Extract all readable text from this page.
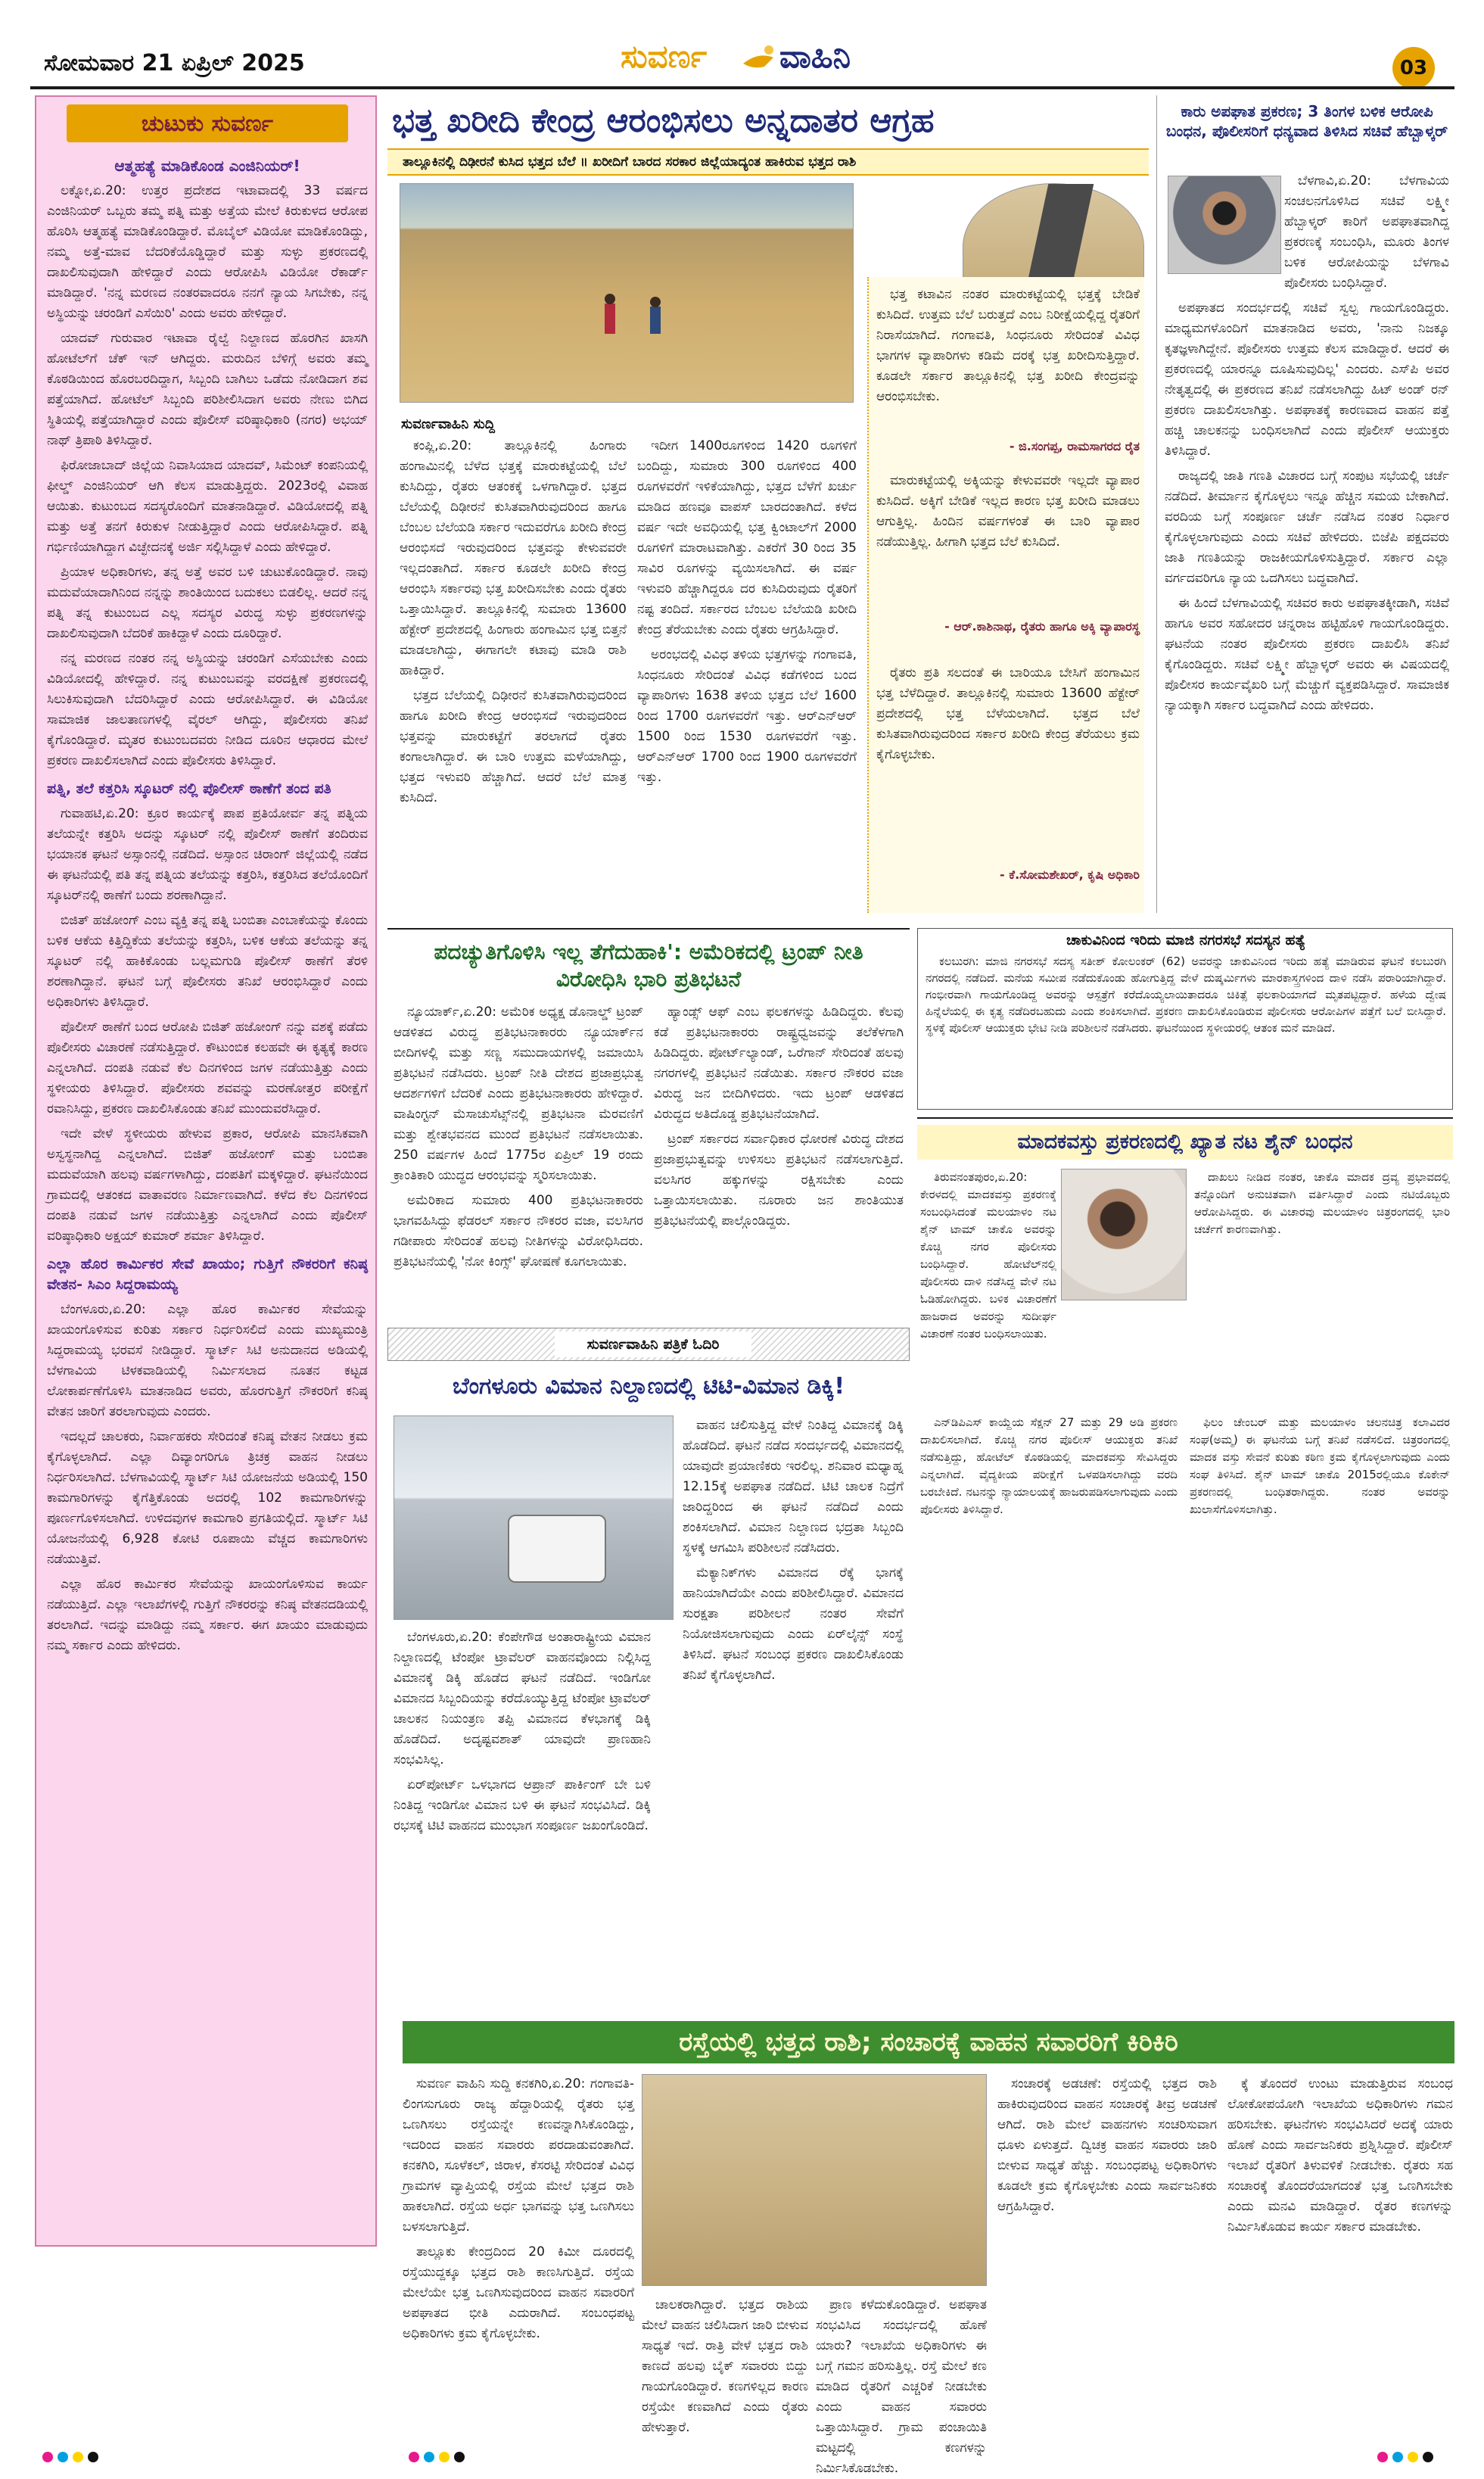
ಸೋಮವಾರ 21 ಏಪ್ರಿಲ್ 2025	ಸುವರ್ಣ ವಾಹಿನಿ	03
ಚುಟುಕು ಸುವರ್ಣ
ಆತ್ಮಹತ್ಯೆ ಮಾಡಿಕೊಂಡ ಎಂಜಿನಿಯರ್!

ಲಕ್ನೋ,ಏ.20: ಉತ್ತರ ಪ್ರದೇಶದ ಇಟಾವಾದಲ್ಲಿ 33 ವರ್ಷದ ಎಂಜಿನಿಯರ್ ಒಬ್ಬರು ತಮ್ಮ ಪತ್ನಿ ಮತ್ತು ಅತ್ತೆಯ ಮೇಲೆ ಕಿರುಕುಳದ ಆರೋಪ ಹೊರಿಸಿ ಆತ್ಮಹತ್ಯೆ ಮಾಡಿಕೊಂಡಿದ್ದಾರೆ. ಮೊಬೈಲ್ ವಿಡಿಯೋ ಮಾಡಿಕೊಂಡಿದ್ದು, ನಮ್ಮ ಅತ್ತೆ-ಮಾವ ಬೆದರಿಕೆಯೊಡ್ಡಿದ್ದಾರೆ ಮತ್ತು ಸುಳ್ಳು ಪ್ರಕರಣದಲ್ಲಿ ದಾಖಲಿಸುವುದಾಗಿ ಹೇಳಿದ್ದಾರೆ ಎಂದು ಆರೋಪಿಸಿ ವಿಡಿಯೋ ರೆಕಾರ್ಡ್ ಮಾಡಿದ್ದಾರೆ. 'ನನ್ನ ಮರಣದ ನಂತರವಾದರೂ ನನಗೆ ನ್ಯಾಯ ಸಿಗಬೇಕು, ನನ್ನ ಅಸ್ಥಿಯನ್ನು ಚರಂಡಿಗೆ ಎಸೆಯಿರಿ' ಎಂದು ಅವರು ಹೇಳಿದ್ದಾರೆ.

ಯಾದವ್ ಗುರುವಾರ ಇಟಾವಾ ರೈಲ್ವೆ ನಿಲ್ದಾಣದ ಹೊರಗಿನ ಖಾಸಗಿ ಹೋಟೆಲ್‌ಗೆ ಚೆಕ್ ಇನ್ ಆಗಿದ್ದರು. ಮರುದಿನ ಬೆಳಿಗ್ಗೆ ಅವರು ತಮ್ಮ ಕೊಠಡಿಯಿಂದ ಹೊರಬರದಿದ್ದಾಗ, ಸಿಬ್ಬಂದಿ ಬಾಗಿಲು ಒಡೆದು ನೋಡಿದಾಗ ಶವ ಪತ್ತೆಯಾಗಿದೆ. ಹೋಟೆಲ್ ಸಿಬ್ಬಂದಿ ಪರಿಶೀಲಿಸಿದಾಗ ಅವರು ನೇಣು ಬಿಗಿದ ಸ್ಥಿತಿಯಲ್ಲಿ ಪತ್ತೆಯಾಗಿದ್ದಾರೆ ಎಂದು ಪೊಲೀಸ್ ವರಿಷ್ಠಾಧಿಕಾರಿ (ನಗರ) ಅಭಯ್ ನಾಥ್ ತ್ರಿಪಾಠಿ ತಿಳಿಸಿದ್ದಾರೆ.

ಫಿರೋಜಾಬಾದ್ ಜಿಲ್ಲೆಯ ನಿವಾಸಿಯಾದ ಯಾದವ್, ಸಿಮೆಂಟ್ ಕಂಪನಿಯಲ್ಲಿ ಫೀಲ್ಡ್ ಎಂಜಿನಿಯರ್ ಆಗಿ ಕೆಲಸ ಮಾಡುತ್ತಿದ್ದರು. 2023ರಲ್ಲಿ ವಿವಾಹ ಆಯಿತು. ಕುಟುಂಬದ ಸದಸ್ಯರೊಂದಿಗೆ ಮಾತನಾಡಿದ್ದಾರೆ. ವಿಡಿಯೋದಲ್ಲಿ ಪತ್ನಿ ಮತ್ತು ಅತ್ತೆ ತನಗೆ ಕಿರುಕುಳ ನೀಡುತ್ತಿದ್ದಾರೆ ಎಂದು ಆರೋಪಿಸಿದ್ದಾರೆ. ಪತ್ನಿ ಗರ್ಭಿಣಿಯಾಗಿದ್ದಾಗ ವಿಚ್ಛೇದನಕ್ಕೆ ಅರ್ಜಿ ಸಲ್ಲಿಸಿದ್ದಾಳೆ ಎಂದು ಹೇಳಿದ್ದಾರೆ.

ಪ್ರಿಯಾಳ ಅಧಿಕಾರಿಗಳು, ತನ್ನ ಅತ್ತೆ ಅವರ ಬಳಿ ಚುಟುಕೊಂಡಿದ್ದಾರೆ. ನಾವು ಮದುವೆಯಾದಾಗಿನಿಂದ ನನ್ನನ್ನು ಶಾಂತಿಯಿಂದ ಬದುಕಲು ಬಿಡಲಿಲ್ಲ. ಆದರೆ ನನ್ನ ಪತ್ನಿ ತನ್ನ ಕುಟುಂಬದ ಎಲ್ಲ ಸದಸ್ಯರ ವಿರುದ್ಧ ಸುಳ್ಳು ಪ್ರಕರಣಗಳನ್ನು ದಾಖಲಿಸುವುದಾಗಿ ಬೆದರಿಕೆ ಹಾಕಿದ್ದಾಳೆ ಎಂದು ದೂರಿದ್ದಾರೆ.

ನನ್ನ ಮರಣದ ನಂತರ ನನ್ನ ಅಸ್ಥಿಯನ್ನು ಚರಂಡಿಗೆ ಎಸೆಯಬೇಕು ಎಂದು ವಿಡಿಯೋದಲ್ಲಿ ಹೇಳಿದ್ದಾರೆ. ನನ್ನ ಕುಟುಂಬವನ್ನು ವರದಕ್ಷಿಣೆ ಪ್ರಕರಣದಲ್ಲಿ ಸಿಲುಕಿಸುವುದಾಗಿ ಬೆದರಿಸಿದ್ದಾರೆ ಎಂದು ಆರೋಪಿಸಿದ್ದಾರೆ. ಈ ವಿಡಿಯೋ ಸಾಮಾಜಿಕ ಜಾಲತಾಣಗಳಲ್ಲಿ ವೈರಲ್ ಆಗಿದ್ದು, ಪೊಲೀಸರು ತನಿಖೆ ಕೈಗೊಂಡಿದ್ದಾರೆ. ಮೃತರ ಕುಟುಂಬದವರು ನೀಡಿದ ದೂರಿನ ಆಧಾರದ ಮೇಲೆ ಪ್ರಕರಣ ದಾಖಲಿಸಲಾಗಿದೆ ಎಂದು ಪೊಲೀಸರು ತಿಳಿಸಿದ್ದಾರೆ.

ಪತ್ನಿ, ತಲೆ ಕತ್ತರಿಸಿ ಸ್ಕೂಟರ್ ನಲ್ಲಿ ಪೊಲೀಸ್ ಠಾಣೆಗೆ ತಂದ ಪತಿ

ಗುವಾಹಟಿ,ಏ.20: ಕ್ರೂರ ಕಾರ್ಯಕ್ಕೆ ಪಾಪ ಪ್ರತಿಯೋರ್ವ ತನ್ನ ಪತ್ನಿಯ ತಲೆಯನ್ನೇ ಕತ್ತರಿಸಿ ಅದನ್ನು ಸ್ಕೂಟರ್ ನಲ್ಲಿ ಪೊಲೀಸ್ ಠಾಣೆಗೆ ತಂದಿರುವ ಭಯಾನಕ ಘಟನೆ ಅಸ್ಸಾಂನಲ್ಲಿ ನಡೆದಿದೆ. ಅಸ್ಸಾಂನ ಚಿರಾಂಗ್ ಜಿಲ್ಲೆಯಲ್ಲಿ ನಡೆದ ಈ ಘಟನೆಯಲ್ಲಿ ಪತಿ ತನ್ನ ಪತ್ನಿಯ ತಲೆಯನ್ನು ಕತ್ತರಿಸಿ, ಕತ್ತರಿಸಿದ ತಲೆಯೊಂದಿಗೆ ಸ್ಕೂಟರ್‌ನಲ್ಲಿ ಠಾಣೆಗೆ ಬಂದು ಶರಣಾಗಿದ್ದಾನೆ.

ಬಿಜಿತ್ ಹಜೋಂಗ್ ಎಂಬ ವ್ಯಕ್ತಿ ತನ್ನ ಪತ್ನಿ ಬಂಬಿತಾ ಎಂಬಾಕೆಯನ್ನು ಕೊಂದು ಬಳಿಕ ಆಕೆಯ ಕಿತ್ತಿದ್ದಿಕೆಯ ತಲೆಯನ್ನು ಕತ್ತರಿಸಿ, ಬಳಿಕ ಆಕೆಯ ತಲೆಯನ್ನು ತನ್ನ ಸ್ಕೂಟರ್ ನಲ್ಲಿ ಹಾಕಿಕೊಂಡು ಬಲ್ಲಮಗುಡಿ ಪೊಲೀಸ್ ಠಾಣೆಗೆ ತೆರಳಿ ಶರಣಾಗಿದ್ದಾನೆ. ಘಟನೆ ಬಗ್ಗೆ ಪೊಲೀಸರು ತನಿಖೆ ಆರಂಭಿಸಿದ್ದಾರೆ ಎಂದು ಅಧಿಕಾರಿಗಳು ತಿಳಿಸಿದ್ದಾರೆ.

ಪೊಲೀಸ್ ಠಾಣೆಗೆ ಬಂದ ಆರೋಪಿ ಬಿಜಿತ್ ಹಜೋಂಗ್ ನನ್ನು ವಶಕ್ಕೆ ಪಡೆದು ಪೊಲೀಸರು ವಿಚಾರಣೆ ನಡೆಸುತ್ತಿದ್ದಾರೆ. ಕೌಟುಂಬಿಕ ಕಲಹವೇ ಈ ಕೃತ್ಯಕ್ಕೆ ಕಾರಣ ಎನ್ನಲಾಗಿದೆ. ದಂಪತಿ ನಡುವೆ ಕೆಲ ದಿನಗಳಿಂದ ಜಗಳ ನಡೆಯುತ್ತಿತ್ತು ಎಂದು ಸ್ಥಳೀಯರು ತಿಳಿಸಿದ್ದಾರೆ. ಪೊಲೀಸರು ಶವವನ್ನು ಮರಣೋತ್ತರ ಪರೀಕ್ಷೆಗೆ ರವಾನಿಸಿದ್ದು, ಪ್ರಕರಣ ದಾಖಲಿಸಿಕೊಂಡು ತನಿಖೆ ಮುಂದುವರೆಸಿದ್ದಾರೆ.

ಇದೇ ವೇಳೆ ಸ್ಥಳೀಯರು ಹೇಳುವ ಪ್ರಕಾರ, ಆರೋಪಿ ಮಾನಸಿಕವಾಗಿ ಅಸ್ವಸ್ಥನಾಗಿದ್ದ ಎನ್ನಲಾಗಿದೆ. ಬಿಜಿತ್ ಹಜೋಂಗ್ ಮತ್ತು ಬಂಬಿತಾ ಮದುವೆಯಾಗಿ ಹಲವು ವರ್ಷಗಳಾಗಿದ್ದು, ದಂಪತಿಗೆ ಮಕ್ಕಳಿದ್ದಾರೆ. ಘಟನೆಯಿಂದ ಗ್ರಾಮದಲ್ಲಿ ಆತಂಕದ ವಾತಾವರಣ ನಿರ್ಮಾಣವಾಗಿದೆ. ಕಳೆದ ಕೆಲ ದಿನಗಳಿಂದ ದಂಪತಿ ನಡುವೆ ಜಗಳ ನಡೆಯುತ್ತಿತ್ತು ಎನ್ನಲಾಗಿದೆ ಎಂದು ಪೊಲೀಸ್ ವರಿಷ್ಠಾಧಿಕಾರಿ ಅಕ್ಷಯ್ ಕುಮಾರ್ ಶರ್ಮಾ ತಿಳಿಸಿದ್ದಾರೆ.

ಎಲ್ಲಾ ಹೊರ ಕಾರ್ಮಿಕರ ಸೇವೆ ಖಾಯಂ; ಗುತ್ತಿಗೆ ನೌಕರರಿಗೆ ಕನಿಷ್ಠ ವೇತನ- ಸಿಎಂ ಸಿದ್ದರಾಮಯ್ಯ

ಬೆಂಗಳೂರು,ಏ.20: ಎಲ್ಲಾ ಹೊರ ಕಾರ್ಮಿಕರ ಸೇವೆಯನ್ನು ಖಾಯಂಗೊಳಿಸುವ ಕುರಿತು ಸರ್ಕಾರ ನಿರ್ಧರಿಸಲಿದೆ ಎಂದು ಮುಖ್ಯಮಂತ್ರಿ ಸಿದ್ದರಾಮಯ್ಯ ಭರವಸೆ ನೀಡಿದ್ದಾರೆ. ಸ್ಮಾರ್ಟ್ ಸಿಟಿ ಅನುದಾನದ ಅಡಿಯಲ್ಲಿ ಬೆಳಗಾವಿಯ ಟಿಳಕವಾಡಿಯಲ್ಲಿ ನಿರ್ಮಿಸಲಾದ ನೂತನ ಕಟ್ಟಡ ಲೋಕಾರ್ಪಣೆಗೊಳಿಸಿ ಮಾತನಾಡಿದ ಅವರು, ಹೊರಗುತ್ತಿಗೆ ನೌಕರರಿಗೆ ಕನಿಷ್ಠ ವೇತನ ಜಾರಿಗೆ ತರಲಾಗುವುದು ಎಂದರು.

ಇದಲ್ಲದೆ ಚಾಲಕರು, ನಿರ್ವಾಹಕರು ಸೇರಿದಂತೆ ಕನಿಷ್ಠ ವೇತನ ನೀಡಲು ಕ್ರಮ ಕೈಗೊಳ್ಳಲಾಗಿದೆ. ಎಲ್ಲಾ ದಿವ್ಯಾಂಗರಿಗೂ ತ್ರಿಚಕ್ರ ವಾಹನ ನೀಡಲು ನಿರ್ಧರಿಸಲಾಗಿದೆ. ಬೆಳಗಾವಿಯಲ್ಲಿ ಸ್ಮಾರ್ಟ್ ಸಿಟಿ ಯೋಜನೆಯ ಅಡಿಯಲ್ಲಿ 150 ಕಾಮಗಾರಿಗಳನ್ನು ಕೈಗೆತ್ತಿಕೊಂಡು ಅದರಲ್ಲಿ 102 ಕಾಮಗಾರಿಗಳನ್ನು ಪೂರ್ಣಗೊಳಿಸಲಾಗಿದೆ. ಉಳಿದವುಗಳ ಕಾಮಗಾರಿ ಪ್ರಗತಿಯಲ್ಲಿದೆ. ಸ್ಮಾರ್ಟ್ ಸಿಟಿ ಯೋಜನೆಯಲ್ಲಿ 6,928 ಕೋಟಿ ರೂಪಾಯಿ ವೆಚ್ಚದ ಕಾಮಗಾರಿಗಳು ನಡೆಯುತ್ತಿವೆ.

ಎಲ್ಲಾ ಹೊರ ಕಾರ್ಮಿಕರ ಸೇವೆಯನ್ನು ಖಾಯಂಗೊಳಿಸುವ ಕಾರ್ಯ ನಡೆಯುತ್ತಿದೆ. ಎಲ್ಲಾ ಇಲಾಖೆಗಳಲ್ಲಿ ಗುತ್ತಿಗೆ ನೌಕರರನ್ನು ಕನಿಷ್ಠ ವೇತನದಡಿಯಲ್ಲಿ ತರಲಾಗಿದೆ. ಇದನ್ನು ಮಾಡಿದ್ದು ನಮ್ಮ ಸರ್ಕಾರ. ಈಗ ಖಾಯಂ ಮಾಡುವುದು ನಮ್ಮ ಸರ್ಕಾರ ಎಂದು ಹೇಳಿದರು.

ಭತ್ತ ಖರೀದಿ ಕೇಂದ್ರ ಆರಂಭಿಸಲು ಅನ್ನದಾತರ ಆಗ್ರಹ
ತಾಲ್ಲೂಕಿನಲ್ಲಿ ದಿಢೀರನೆ ಕುಸಿದ ಭತ್ತದ ಬೆಲೆ ॥ ಖರೀದಿಗೆ ಬಾರದ ಸರಕಾರ ಜಿಲ್ಲೆಯಾದ್ಯಂತ ಹಾಕಿರುವ ಭತ್ತದ ರಾಶಿ
ಸುವರ್ಣವಾಹಿನಿ ಸುದ್ದಿ

ಕಂಪ್ಲಿ,ಏ.20: ತಾಲ್ಲೂಕಿನಲ್ಲಿ ಹಿಂಗಾರು ಹಂಗಾಮಿನಲ್ಲಿ ಬೆಳೆದ ಭತ್ತಕ್ಕೆ ಮಾರುಕಟ್ಟೆಯಲ್ಲಿ ಬೆಲೆ ಕುಸಿದಿದ್ದು, ರೈತರು ಆತಂಕಕ್ಕೆ ಒಳಗಾಗಿದ್ದಾರೆ. ಭತ್ತದ ಬೆಲೆಯಲ್ಲಿ ದಿಢೀರನೆ ಕುಸಿತವಾಗಿರುವುದರಿಂದ ಹಾಗೂ ಬೆಂಬಲ ಬೆಲೆಯಡಿ ಸರ್ಕಾರ ಇದುವರೆಗೂ ಖರೀದಿ ಕೇಂದ್ರ ಆರಂಭಿಸದೆ ಇರುವುದರಿಂದ ಭತ್ತವನ್ನು ಕೇಳುವವರೇ ಇಲ್ಲದಂತಾಗಿದೆ. ಸರ್ಕಾರ ಕೂಡಲೇ ಖರೀದಿ ಕೇಂದ್ರ ಆರಂಭಿಸಿ ಸರ್ಕಾರವು ಭತ್ತ ಖರೀದಿಸಬೇಕು ಎಂದು ರೈತರು ಒತ್ತಾಯಿಸಿದ್ದಾರೆ. ತಾಲ್ಲೂಕಿನಲ್ಲಿ ಸುಮಾರು 13600 ಹೆಕ್ಟೇರ್ ಪ್ರದೇಶದಲ್ಲಿ ಹಿಂಗಾರು ಹಂಗಾಮಿನ ಭತ್ತ ಬಿತ್ತನೆ ಮಾಡಲಾಗಿದ್ದು, ಈಗಾಗಲೇ ಕಟಾವು ಮಾಡಿ ರಾಶಿ ಹಾಕಿದ್ದಾರೆ.

ಭತ್ತದ ಬೆಲೆಯಲ್ಲಿ ದಿಢೀರನೆ ಕುಸಿತವಾಗಿರುವುದರಿಂದ ಹಾಗೂ ಖರೀದಿ ಕೇಂದ್ರ ಆರಂಭಿಸದೆ ಇರುವುದರಿಂದ ಭತ್ತವನ್ನು ಮಾರುಕಟ್ಟೆಗೆ ತರಲಾಗದೆ ರೈತರು ಕಂಗಾಲಾಗಿದ್ದಾರೆ. ಈ ಬಾರಿ ಉತ್ತಮ ಮಳೆಯಾಗಿದ್ದು, ಭತ್ತದ ಇಳುವರಿ ಹೆಚ್ಚಾಗಿದೆ. ಆದರೆ ಬೆಲೆ ಮಾತ್ರ ಕುಸಿದಿದೆ.

ಇದೀಗ 1400ರೂಗಳಿಂದ 1420 ರೂಗಳಿಗೆ ಬಂದಿದ್ದು, ಸುಮಾರು 300 ರೂಗಳಿಂದ 400 ರೂಗಳವರೆಗೆ ಇಳಿಕೆಯಾಗಿದ್ದು, ಭತ್ತದ ಬೆಳೆಗೆ ಖರ್ಚು ಮಾಡಿದ ಹಣವೂ ವಾಪಸ್ ಬಾರದಂತಾಗಿದೆ. ಕಳೆದ ವರ್ಷ ಇದೇ ಅವಧಿಯಲ್ಲಿ ಭತ್ತ ಕ್ವಿಂಟಾಲ್‌ಗೆ 2000 ರೂಗಳಿಗೆ ಮಾರಾಟವಾಗಿತ್ತು. ಎಕರೆಗೆ 30 ರಿಂದ 35 ಸಾವಿರ ರೂಗಳನ್ನು ವ್ಯಯಿಸಲಾಗಿದೆ. ಈ ವರ್ಷ ಇಳುವರಿ ಹೆಚ್ಚಾಗಿದ್ದರೂ ದರ ಕುಸಿದಿರುವುದು ರೈತರಿಗೆ ನಷ್ಟ ತಂದಿದೆ. ಸರ್ಕಾರದ ಬೆಂಬಲ ಬೆಲೆಯಡಿ ಖರೀದಿ ಕೇಂದ್ರ ತೆರೆಯಬೇಕು ಎಂದು ರೈತರು ಆಗ್ರಹಿಸಿದ್ದಾರೆ.

ಅರಂಭದಲ್ಲಿ ವಿವಿಧ ತಳಿಯ ಭತ್ತಗಳನ್ನು ಗಂಗಾವತಿ, ಸಿಂಧನೂರು ಸೇರಿದಂತೆ ವಿವಿಧ ಕಡೆಗಳಿಂದ ಬಂದ ವ್ಯಾಪಾರಿಗಳು 1638 ತಳಿಯ ಭತ್ತದ ಬೆಲೆ 1600 ರಿಂದ 1700 ರೂಗಳವರೆಗೆ ಇತ್ತು. ಆರ್‌ಎನ್‌ಆರ್ 1500 ರಿಂದ 1530 ರೂಗಳವರೆಗೆ ಇತ್ತು. ಆರ್‌ಎನ್‌ಆರ್ 1700 ರಿಂದ 1900 ರೂಗಳವರೆಗೆ ಇತ್ತು.

ಭತ್ತ ಕಟಾವಿನ ನಂತರ ಮಾರುಕಟ್ಟೆಯಲ್ಲಿ ಭತ್ತಕ್ಕೆ ಬೇಡಿಕೆ ಕುಸಿದಿದೆ. ಉತ್ತಮ ಬೆಲೆ ಬರುತ್ತದೆ ಎಂಬ ನಿರೀಕ್ಷೆಯಲ್ಲಿದ್ದ ರೈತರಿಗೆ ನಿರಾಸೆಯಾಗಿದೆ. ಗಂಗಾವತಿ, ಸಿಂಧನೂರು ಸೇರಿದಂತೆ ವಿವಿಧ ಭಾಗಗಳ ವ್ಯಾಪಾರಿಗಳು ಕಡಿಮೆ ದರಕ್ಕೆ ಭತ್ತ ಖರೀದಿಸುತ್ತಿದ್ದಾರೆ. ಕೂಡಲೇ ಸರ್ಕಾರ ತಾಲ್ಲೂಕಿನಲ್ಲಿ ಭತ್ತ ಖರೀದಿ ಕೇಂದ್ರವನ್ನು ಆರಂಭಿಸಬೇಕು.

- ಜಿ.ಸಂಗಪ್ಪ, ರಾಮಸಾಗರದ ರೈತ

ಮಾರುಕಟ್ಟೆಯಲ್ಲಿ ಅಕ್ಕಿಯನ್ನು ಕೇಳುವವರೇ ಇಲ್ಲದೇ ವ್ಯಾಪಾರ ಕುಸಿದಿದೆ. ಅಕ್ಕಿಗೆ ಬೇಡಿಕೆ ಇಲ್ಲದ ಕಾರಣ ಭತ್ತ ಖರೀದಿ ಮಾಡಲು ಆಗುತ್ತಿಲ್ಲ. ಹಿಂದಿನ ವರ್ಷಗಳಂತೆ ಈ ಬಾರಿ ವ್ಯಾಪಾರ ನಡೆಯುತ್ತಿಲ್ಲ. ಹೀಗಾಗಿ ಭತ್ತದ ಬೆಲೆ ಕುಸಿದಿದೆ.

- ಆರ್.ಕಾಶಿನಾಥ, ರೈತರು ಹಾಗೂ ಅಕ್ಕಿ ವ್ಯಾಪಾರಸ್ಥ

ರೈತರು ಪ್ರತಿ ಸಲದಂತೆ ಈ ಬಾರಿಯೂ ಬೇಸಿಗೆ ಹಂಗಾಮಿನ ಭತ್ತ ಬೆಳೆದಿದ್ದಾರೆ. ತಾಲ್ಲೂಕಿನಲ್ಲಿ ಸುಮಾರು 13600 ಹೆಕ್ಟೇರ್ ಪ್ರದೇಶದಲ್ಲಿ ಭತ್ತ ಬೆಳೆಯಲಾಗಿದೆ. ಭತ್ತದ ಬೆಲೆ ಕುಸಿತವಾಗಿರುವುದರಿಂದ ಸರ್ಕಾರ ಖರೀದಿ ಕೇಂದ್ರ ತೆರೆಯಲು ಕ್ರಮ ಕೈಗೊಳ್ಳಬೇಕು.

- ಕೆ.ಸೋಮಶೇಖರ್, ಕೃಷಿ ಅಧಿಕಾರಿ
ಕಾರು ಅಪಘಾತ ಪ್ರಕರಣ; 3 ತಿಂಗಳ ಬಳಿಕ ಆರೋಪಿ ಬಂಧನ, ಪೊಲೀಸರಿಗೆ ಧನ್ಯವಾದ ತಿಳಿಸಿದ ಸಚಿವೆ ಹೆಬ್ಬಾಳ್ಕರ್

ಬೆಳಗಾವಿ,ಏ.20: ಬೆಳಗಾವಿಯ ಸಂಚಲನಗೊಳಿಸಿದ ಸಚಿವೆ ಲಕ್ಷ್ಮೀ ಹೆಬ್ಬಾಳ್ಕರ್ ಕಾರಿಗೆ ಅಪಘಾತವಾಗಿದ್ದ ಪ್ರಕರಣಕ್ಕೆ ಸಂಬಂಧಿಸಿ, ಮೂರು ತಿಂಗಳ ಬಳಿಕ ಆರೋಪಿಯನ್ನು ಬೆಳಗಾವಿ ಪೊಲೀಸರು ಬಂಧಿಸಿದ್ದಾರೆ.

ಅಪಘಾತದ ಸಂದರ್ಭದಲ್ಲಿ ಸಚಿವೆ ಸ್ವಲ್ಪ ಗಾಯಗೊಂಡಿದ್ದರು. ಮಾಧ್ಯಮಗಳೊಂದಿಗೆ ಮಾತನಾಡಿದ ಅವರು, 'ನಾನು ನಿಜಕ್ಕೂ ಕೃತಜ್ಞಳಾಗಿದ್ದೇನೆ. ಪೊಲೀಸರು ಉತ್ತಮ ಕೆಲಸ ಮಾಡಿದ್ದಾರೆ. ಆದರೆ ಈ ಪ್ರಕರಣದಲ್ಲಿ ಯಾರನ್ನೂ ದೂಷಿಸುವುದಿಲ್ಲ' ಎಂದರು. ಎಸ್‌ಪಿ ಅವರ ನೇತೃತ್ವದಲ್ಲಿ ಈ ಪ್ರಕರಣದ ತನಿಖೆ ನಡೆಸಲಾಗಿದ್ದು ಹಿಟ್ ಅಂಡ್ ರನ್ ಪ್ರಕರಣ ದಾಖಲಿಸಲಾಗಿತ್ತು. ಅಪಘಾತಕ್ಕೆ ಕಾರಣವಾದ ವಾಹನ ಪತ್ತೆ ಹಚ್ಚಿ ಚಾಲಕನನ್ನು ಬಂಧಿಸಲಾಗಿದೆ ಎಂದು ಪೊಲೀಸ್ ಆಯುಕ್ತರು ತಿಳಿಸಿದ್ದಾರೆ.

ರಾಜ್ಯದಲ್ಲಿ ಜಾತಿ ಗಣತಿ ವಿಚಾರದ ಬಗ್ಗೆ ಸಂಪುಟ ಸಭೆಯಲ್ಲಿ ಚರ್ಚೆ ನಡೆದಿದೆ. ತೀರ್ಮಾನ ಕೈಗೊಳ್ಳಲು ಇನ್ನೂ ಹೆಚ್ಚಿನ ಸಮಯ ಬೇಕಾಗಿದೆ. ವರದಿಯ ಬಗ್ಗೆ ಸಂಪೂರ್ಣ ಚರ್ಚೆ ನಡೆಸಿದ ನಂತರ ನಿರ್ಧಾರ ಕೈಗೊಳ್ಳಲಾಗುವುದು ಎಂದು ಸಚಿವೆ ಹೇಳಿದರು. ಬಿಜೆಪಿ ಪಕ್ಷದವರು ಜಾತಿ ಗಣತಿಯನ್ನು ರಾಜಕೀಯಗೊಳಿಸುತ್ತಿದ್ದಾರೆ. ಸರ್ಕಾರ ಎಲ್ಲಾ ವರ್ಗದವರಿಗೂ ನ್ಯಾಯ ಒದಗಿಸಲು ಬದ್ಧವಾಗಿದೆ.

ಈ ಹಿಂದೆ ಬೆಳಗಾವಿಯಲ್ಲಿ ಸಚಿವರ ಕಾರು ಅಪಘಾತಕ್ಕೀಡಾಗಿ, ಸಚಿವೆ ಹಾಗೂ ಅವರ ಸಹೋದರ ಚನ್ನರಾಜ ಹಟ್ಟಿಹೊಳಿ ಗಾಯಗೊಂಡಿದ್ದರು. ಘಟನೆಯ ನಂತರ ಪೊಲೀಸರು ಪ್ರಕರಣ ದಾಖಲಿಸಿ ತನಿಖೆ ಕೈಗೊಂಡಿದ್ದರು. ಸಚಿವೆ ಲಕ್ಷ್ಮೀ ಹೆಬ್ಬಾಳ್ಕರ್ ಅವರು ಈ ವಿಷಯದಲ್ಲಿ ಪೊಲೀಸರ ಕಾರ್ಯವೈಖರಿ ಬಗ್ಗೆ ಮೆಚ್ಚುಗೆ ವ್ಯಕ್ತಪಡಿಸಿದ್ದಾರೆ. ಸಾಮಾಜಿಕ ನ್ಯಾಯಕ್ಕಾಗಿ ಸರ್ಕಾರ ಬದ್ಧವಾಗಿದೆ ಎಂದು ಹೇಳಿದರು.

ಪದಚ್ಯುತಿಗೊಳಿಸಿ ಇಲ್ಲ ತೆಗೆದುಹಾಕಿ': ಅಮೆರಿಕದಲ್ಲಿ ಟ್ರಂಪ್ ನೀತಿ ವಿರೋಧಿಸಿ ಭಾರಿ ಪ್ರತಿಭಟನೆ

ನ್ಯೂಯಾರ್ಕ್,ಏ.20: ಅಮೆರಿಕ ಅಧ್ಯಕ್ಷ ಡೊನಾಲ್ಡ್ ಟ್ರಂಪ್ ಆಡಳಿತದ ವಿರುದ್ಧ ಪ್ರತಿಭಟನಾಕಾರರು ನ್ಯೂಯಾರ್ಕ್‌ನ ಬೀದಿಗಳಲ್ಲಿ ಮತ್ತು ಸಣ್ಣ ಸಮುದಾಯಗಳಲ್ಲಿ ಜಮಾಯಿಸಿ ಪ್ರತಿಭಟನೆ ನಡೆಸಿದರು. ಟ್ರಂಪ್ ನೀತಿ ದೇಶದ ಪ್ರಜಾಪ್ರಭುತ್ವ ಆದರ್ಶಗಳಿಗೆ ಬೆದರಿಕೆ ಎಂದು ಪ್ರತಿಭಟನಾಕಾರರು ಹೇಳಿದ್ದಾರೆ. ವಾಷಿಂಗ್ಟನ್ ಮೆಸಾಚುಸೆಟ್ಸ್‌ನಲ್ಲಿ ಪ್ರತಿಭಟನಾ ಮೆರವಣಿಗೆ ಮತ್ತು ಶ್ವೇತಭವನದ ಮುಂದೆ ಪ್ರತಿಭಟನೆ ನಡೆಸಲಾಯಿತು. 250 ವರ್ಷಗಳ ಹಿಂದೆ 1775ರ ಏಪ್ರಿಲ್ 19 ರಂದು ಕ್ರಾಂತಿಕಾರಿ ಯುದ್ಧದ ಆರಂಭವನ್ನು ಸ್ಮರಿಸಲಾಯಿತು.

ಅಮೆರಿಕಾದ ಸುಮಾರು 400 ಪ್ರತಿಭಟನಾಕಾರರು ಭಾಗವಹಿಸಿದ್ದು ಫೆಡರಲ್ ಸರ್ಕಾರ ನೌಕರರ ವಜಾ, ವಲಸಿಗರ ಗಡೀಪಾರು ಸೇರಿದಂತೆ ಹಲವು ನೀತಿಗಳನ್ನು ವಿರೋಧಿಸಿದರು. ಪ್ರತಿಭಟನೆಯಲ್ಲಿ 'ನೋ ಕಿಂಗ್ಸ್' ಘೋಷಣೆ ಕೂಗಲಾಯಿತು.

ಹ್ಯಾಂಡ್ಸ್ ಆಫ್ ಎಂಬ ಫಲಕಗಳನ್ನು ಹಿಡಿದಿದ್ದರು. ಕೆಲವು ಕಡೆ ಪ್ರತಿಭಟನಾಕಾರರು ರಾಷ್ಟ್ರಧ್ವಜವನ್ನು ತಲೆಕೆಳಗಾಗಿ ಹಿಡಿದಿದ್ದರು. ಪೋರ್ಟ್‌ಲ್ಯಾಂಡ್, ಒರೆಗಾನ್ ಸೇರಿದಂತೆ ಹಲವು ನಗರಗಳಲ್ಲಿ ಪ್ರತಿಭಟನೆ ನಡೆಯಿತು. ಸರ್ಕಾರ ನೌಕರರ ವಜಾ ವಿರುದ್ಧ ಜನ ಬೀದಿಗಿಳಿದರು. ಇದು ಟ್ರಂಪ್ ಆಡಳಿತದ ವಿರುದ್ಧದ ಅತಿದೊಡ್ಡ ಪ್ರತಿಭಟನೆಯಾಗಿದೆ.

ಟ್ರಂಪ್ ಸರ್ಕಾರದ ಸರ್ವಾಧಿಕಾರ ಧೋರಣೆ ವಿರುದ್ಧ ದೇಶದ ಪ್ರಜಾಪ್ರಭುತ್ವವನ್ನು ಉಳಿಸಲು ಪ್ರತಿಭಟನೆ ನಡೆಸಲಾಗುತ್ತಿದೆ. ವಲಸಿಗರ ಹಕ್ಕುಗಳನ್ನು ರಕ್ಷಿಸಬೇಕು ಎಂದು ಒತ್ತಾಯಿಸಲಾಯಿತು. ನೂರಾರು ಜನ ಶಾಂತಿಯುತ ಪ್ರತಿಭಟನೆಯಲ್ಲಿ ಪಾಲ್ಗೊಂಡಿದ್ದರು.

ಚಾಕುವಿನಿಂದ ಇರಿದು ಮಾಜಿ ನಗರಸಭೆ ಸದಸ್ಯನ ಹತ್ಯೆ

ಕಲಬುರಗಿ: ಮಾಜಿ ನಗರಸಭೆ ಸದಸ್ಯ ಸತೀಶ್ ಕೋಲಂಕರ್ (62) ಅವರನ್ನು ಚಾಕುವಿನಿಂದ ಇರಿದು ಹತ್ಯೆ ಮಾಡಿರುವ ಘಟನೆ ಕಲಬುರಗಿ ನಗರದಲ್ಲಿ ನಡೆದಿದೆ. ಮನೆಯ ಸಮೀಪ ನಡೆದುಕೊಂಡು ಹೋಗುತ್ತಿದ್ದ ವೇಳೆ ದುಷ್ಕರ್ಮಿಗಳು ಮಾರಕಾಸ್ತ್ರಗಳಿಂದ ದಾಳಿ ನಡೆಸಿ ಪರಾರಿಯಾಗಿದ್ದಾರೆ. ಗಂಭೀರವಾಗಿ ಗಾಯಗೊಂಡಿದ್ದ ಅವರನ್ನು ಆಸ್ಪತ್ರೆಗೆ ಕರೆದೊಯ್ಯಲಾಯಿತಾದರೂ ಚಿಕಿತ್ಸೆ ಫಲಕಾರಿಯಾಗದೆ ಮೃತಪಟ್ಟಿದ್ದಾರೆ. ಹಳೆಯ ದ್ವೇಷ ಹಿನ್ನೆಲೆಯಲ್ಲಿ ಈ ಕೃತ್ಯ ನಡೆದಿರಬಹುದು ಎಂದು ಶಂಕಿಸಲಾಗಿದೆ. ಪ್ರಕರಣ ದಾಖಲಿಸಿಕೊಂಡಿರುವ ಪೊಲೀಸರು ಆರೋಪಿಗಳ ಪತ್ತೆಗೆ ಬಲೆ ಬೀಸಿದ್ದಾರೆ. ಸ್ಥಳಕ್ಕೆ ಪೊಲೀಸ್ ಆಯುಕ್ತರು ಭೇಟಿ ನೀಡಿ ಪರಿಶೀಲನೆ ನಡೆಸಿದರು. ಘಟನೆಯಿಂದ ಸ್ಥಳೀಯರಲ್ಲಿ ಆತಂಕ ಮನೆ ಮಾಡಿದೆ.

ಮಾದಕವಸ್ತು ಪ್ರಕರಣದಲ್ಲಿ ಖ್ಯಾತ ನಟ ಶೈನ್ ಬಂಧನ

ತಿರುವನಂತಪುರಂ,ಏ.20: ಕೇರಳದಲ್ಲಿ ಮಾದಕವಸ್ತು ಪ್ರಕರಣಕ್ಕೆ ಸಂಬಂಧಿಸಿದಂತೆ ಮಲಯಾಳಂ ನಟ ಶೈನ್ ಟಾಮ್ ಚಾಕೊ ಅವರನ್ನು ಕೊಚ್ಚಿ ನಗರ ಪೊಲೀಸರು ಬಂಧಿಸಿದ್ದಾರೆ. ಹೋಟೆಲ್‌ನಲ್ಲಿ ಪೊಲೀಸರು ದಾಳಿ ನಡೆಸಿದ್ದ ವೇಳೆ ನಟ ಓಡಿಹೋಗಿದ್ದರು. ಬಳಿಕ ವಿಚಾರಣೆಗೆ ಹಾಜರಾದ ಅವರನ್ನು ಸುದೀರ್ಘ ವಿಚಾರಣೆ ನಂತರ ಬಂಧಿಸಲಾಯಿತು.

ದಾಖಲು ನೀಡಿದ ನಂತರ, ಚಾಕೊ ಮಾದಕ ದ್ರವ್ಯ ಪ್ರಭಾವದಲ್ಲಿ ತನ್ನೊಂದಿಗೆ ಅನುಚಿತವಾಗಿ ವರ್ತಿಸಿದ್ದಾರೆ ಎಂದು ನಟಿಯೊಬ್ಬರು ಆರೋಪಿಸಿದ್ದರು. ಈ ವಿಚಾರವು ಮಲಯಾಳಂ ಚಿತ್ರರಂಗದಲ್ಲಿ ಭಾರಿ ಚರ್ಚೆಗೆ ಕಾರಣವಾಗಿತ್ತು.

ಎನ್‌ಡಿಪಿಎಸ್ ಕಾಯ್ದೆಯ ಸೆಕ್ಷನ್ 27 ಮತ್ತು 29 ಅಡಿ ಪ್ರಕರಣ ದಾಖಲಿಸಲಾಗಿದೆ. ಕೊಚ್ಚಿ ನಗರ ಪೊಲೀಸ್ ಆಯುಕ್ತರು ತನಿಖೆ ನಡೆಸುತ್ತಿದ್ದು, ಹೋಟೆಲ್ ಕೊಠಡಿಯಲ್ಲಿ ಮಾದಕವಸ್ತು ಸೇವಿಸಿದ್ದರು ಎನ್ನಲಾಗಿದೆ. ವೈದ್ಯಕೀಯ ಪರೀಕ್ಷೆಗೆ ಒಳಪಡಿಸಲಾಗಿದ್ದು ವರದಿ ಬರಬೇಕಿದೆ. ನಟನನ್ನು ನ್ಯಾಯಾಲಯಕ್ಕೆ ಹಾಜರುಪಡಿಸಲಾಗುವುದು ಎಂದು ಪೊಲೀಸರು ತಿಳಿಸಿದ್ದಾರೆ.

ಫಿಲಂ ಚೇಂಬರ್ ಮತ್ತು ಮಲಯಾಳಂ ಚಲನಚಿತ್ರ ಕಲಾವಿದರ ಸಂಘ(ಅಮ್ಮ) ಈ ಘಟನೆಯ ಬಗ್ಗೆ ತನಿಖೆ ನಡೆಸಲಿದೆ. ಚಿತ್ರರಂಗದಲ್ಲಿ ಮಾದಕ ವಸ್ತು ಸೇವನೆ ಕುರಿತು ಕಠಿಣ ಕ್ರಮ ಕೈಗೊಳ್ಳಲಾಗುವುದು ಎಂದು ಸಂಘ ತಿಳಿಸಿದೆ. ಶೈನ್ ಟಾಮ್ ಚಾಕೊ 2015ರಲ್ಲಿಯೂ ಕೊಕೇನ್ ಪ್ರಕರಣದಲ್ಲಿ ಬಂಧಿತರಾಗಿದ್ದರು. ನಂತರ ಅವರನ್ನು ಖುಲಾಸೆಗೊಳಿಸಲಾಗಿತ್ತು.

ಸುವರ್ಣವಾಹಿನಿ ಪತ್ರಿಕೆ ಓದಿರಿ
ಬೆಂಗಳೂರು ವಿಮಾನ ನಿಲ್ದಾಣದಲ್ಲಿ ಟಿಟಿ-ವಿಮಾನ ಡಿಕ್ಕಿ!

ಬೆಂಗಳೂರು,ಏ.20: ಕೆಂಪೇಗೌಡ ಅಂತಾರಾಷ್ಟ್ರೀಯ ವಿಮಾನ ನಿಲ್ದಾಣದಲ್ಲಿ ಟೆಂಪೋ ಟ್ರಾವೆಲರ್‌ ವಾಹನವೊಂದು ನಿಲ್ಲಿಸಿದ್ದ ವಿಮಾನಕ್ಕೆ ಡಿಕ್ಕಿ ಹೊಡೆದ ಘಟನೆ ನಡೆದಿದೆ. ಇಂಡಿಗೋ ವಿಮಾನದ ಸಿಬ್ಬಂದಿಯನ್ನು ಕರೆದೊಯ್ಯುತ್ತಿದ್ದ ಟೆಂಪೋ ಟ್ರಾವೆಲರ್ ಚಾಲಕನ ನಿಯಂತ್ರಣ ತಪ್ಪಿ ವಿಮಾನದ ಕೆಳಭಾಗಕ್ಕೆ ಡಿಕ್ಕಿ ಹೊಡೆದಿದೆ. ಅದೃಷ್ಟವಶಾತ್ ಯಾವುದೇ ಪ್ರಾಣಹಾನಿ ಸಂಭವಿಸಿಲ್ಲ.

ಏರ್‌ಪೋರ್ಟ್ ಒಳಭಾಗದ ಆಪ್ರಾನ್ ಪಾರ್ಕಿಂಗ್ ಬೇ ಬಳಿ ನಿಂತಿದ್ದ ಇಂಡಿಗೋ ವಿಮಾನ ಬಳಿ ಈ ಘಟನೆ ಸಂಭವಿಸಿದೆ. ಡಿಕ್ಕಿ ರಭಸಕ್ಕೆ ಟಿಟಿ ವಾಹನದ ಮುಂಭಾಗ ಸಂಪೂರ್ಣ ಜಖಂಗೊಂಡಿದೆ.

ವಾಹನ ಚಲಿಸುತ್ತಿದ್ದ ವೇಳೆ ನಿಂತಿದ್ದ ವಿಮಾನಕ್ಕೆ ಡಿಕ್ಕಿ ಹೊಡೆದಿದೆ. ಘಟನೆ ನಡೆದ ಸಂದರ್ಭದಲ್ಲಿ ವಿಮಾನದಲ್ಲಿ ಯಾವುದೇ ಪ್ರಯಾಣಿಕರು ಇರಲಿಲ್ಲ. ಶನಿವಾರ ಮಧ್ಯಾಹ್ನ 12.15ಕ್ಕೆ ಅಪಘಾತ ನಡೆದಿದೆ. ಟಿಟಿ ಚಾಲಕ ನಿದ್ರೆಗೆ ಜಾರಿದ್ದರಿಂದ ಈ ಘಟನೆ ನಡೆದಿದೆ ಎಂದು ಶಂಕಿಸಲಾಗಿದೆ. ವಿಮಾನ ನಿಲ್ದಾಣದ ಭದ್ರತಾ ಸಿಬ್ಬಂದಿ ಸ್ಥಳಕ್ಕೆ ಆಗಮಿಸಿ ಪರಿಶೀಲನೆ ನಡೆಸಿದರು.

ಮೆಕ್ಯಾನಿಕ್‌ಗಳು ವಿಮಾನದ ರೆಕ್ಕೆ ಭಾಗಕ್ಕೆ ಹಾನಿಯಾಗಿದೆಯೇ ಎಂದು ಪರಿಶೀಲಿಸಿದ್ದಾರೆ. ವಿಮಾನದ ಸುರಕ್ಷತಾ ಪರಿಶೀಲನೆ ನಂತರ ಸೇವೆಗೆ ನಿಯೋಜಿಸಲಾಗುವುದು ಎಂದು ಏರ್‌ಲೈನ್ಸ್ ಸಂಸ್ಥೆ ತಿಳಿಸಿದೆ. ಘಟನೆ ಸಂಬಂಧ ಪ್ರಕರಣ ದಾಖಲಿಸಿಕೊಂಡು ತನಿಖೆ ಕೈಗೊಳ್ಳಲಾಗಿದೆ.

ರಸ್ತೆಯಲ್ಲಿ ಭತ್ತದ ರಾಶಿ; ಸಂಚಾರಕ್ಕೆ ವಾಹನ ಸವಾರರಿಗೆ ಕಿರಿಕಿರಿ

ಸುವರ್ಣ ವಾಹಿನಿ ಸುದ್ದಿ ಕನಕಗಿರಿ,ಏ.20: ಗಂಗಾವತಿ-ಲಿಂಗಸುಗೂರು ರಾಜ್ಯ ಹೆದ್ದಾರಿಯಲ್ಲಿ ರೈತರು ಭತ್ತ ಒಣಗಿಸಲು ರಸ್ತೆಯನ್ನೇ ಕಣವನ್ನಾಗಿಸಿಕೊಂಡಿದ್ದು, ಇದರಿಂದ ವಾಹನ ಸವಾರರು ಪರದಾಡುವಂತಾಗಿದೆ. ಕನಕಗಿರಿ, ಸೂಳೆಕಲ್, ಜಿರಾಳ, ಕೆಸರಟ್ಟಿ ಸೇರಿದಂತೆ ವಿವಿಧ ಗ್ರಾಮಗಳ ವ್ಯಾಪ್ತಿಯಲ್ಲಿ ರಸ್ತೆಯ ಮೇಲೆ ಭತ್ತದ ರಾಶಿ ಹಾಕಲಾಗಿದೆ. ರಸ್ತೆಯ ಅರ್ಧ ಭಾಗವನ್ನು ಭತ್ತ ಒಣಗಿಸಲು ಬಳಸಲಾಗುತ್ತಿದೆ.

ತಾಲ್ಲೂಕು ಕೇಂದ್ರದಿಂದ 20 ಕಿಮೀ ದೂರದಲ್ಲಿ ರಸ್ತೆಯುದ್ದಕ್ಕೂ ಭತ್ತದ ರಾಶಿ ಕಾಣಸಿಗುತ್ತಿದೆ. ರಸ್ತೆಯ ಮೇಲೆಯೇ ಭತ್ತ ಒಣಗಿಸುವುದರಿಂದ ವಾಹನ ಸವಾರರಿಗೆ ಅಪಘಾತದ ಭೀತಿ ಎದುರಾಗಿದೆ. ಸಂಬಂಧಪಟ್ಟ ಅಧಿಕಾರಿಗಳು ಕ್ರಮ ಕೈಗೊಳ್ಳಬೇಕು.

ಚಾಲಕರಾಗಿದ್ದಾರೆ. ಭತ್ತದ ರಾಶಿಯ ಮೇಲೆ ವಾಹನ ಚಲಿಸಿದಾಗ ಜಾರಿ ಬೀಳುವ ಸಾಧ್ಯತೆ ಇದೆ. ರಾತ್ರಿ ವೇಳೆ ಭತ್ತದ ರಾಶಿ ಕಾಣದೆ ಹಲವು ಬೈಕ್ ಸವಾರರು ಬಿದ್ದು ಗಾಯಗೊಂಡಿದ್ದಾರೆ. ಕಣಗಳಿಲ್ಲದ ಕಾರಣ ರಸ್ತೆಯೇ ಕಣವಾಗಿದೆ ಎಂದು ರೈತರು ಹೇಳುತ್ತಾರೆ.

ಪ್ರಾಣ ಕಳೆದುಕೊಂಡಿದ್ದಾರೆ. ಅಪಘಾತ ಸಂಭವಿಸಿದ ಸಂದರ್ಭದಲ್ಲಿ ಹೊಣೆ ಯಾರು? ಇಲಾಖೆಯ ಅಧಿಕಾರಿಗಳು ಈ ಬಗ್ಗೆ ಗಮನ ಹರಿಸುತ್ತಿಲ್ಲ. ರಸ್ತೆ ಮೇಲೆ ಕಣ ಮಾಡಿದ ರೈತರಿಗೆ ಎಚ್ಚರಿಕೆ ನೀಡಬೇಕು ಎಂದು ವಾಹನ ಸವಾರರು ಒತ್ತಾಯಿಸಿದ್ದಾರೆ. ಗ್ರಾಮ ಪಂಚಾಯಿತಿ ಮಟ್ಟದಲ್ಲಿ ಕಣಗಳನ್ನು ನಿರ್ಮಿಸಿಕೊಡಬೇಕು.

ಸಂಚಾರಕ್ಕೆ ಅಡಚಣೆ: ರಸ್ತೆಯಲ್ಲಿ ಭತ್ತದ ರಾಶಿ ಹಾಕಿರುವುದರಿಂದ ವಾಹನ ಸಂಚಾರಕ್ಕೆ ತೀವ್ರ ಅಡಚಣೆ ಆಗಿದೆ. ರಾಶಿ ಮೇಲೆ ವಾಹನಗಳು ಸಂಚರಿಸುವಾಗ ಧೂಳು ಏಳುತ್ತದೆ. ದ್ವಿಚಕ್ರ ವಾಹನ ಸವಾರರು ಜಾರಿ ಬೀಳುವ ಸಾಧ್ಯತೆ ಹೆಚ್ಚು. ಸಂಬಂಧಪಟ್ಟ ಅಧಿಕಾರಿಗಳು ಕೂಡಲೇ ಕ್ರಮ ಕೈಗೊಳ್ಳಬೇಕು ಎಂದು ಸಾರ್ವಜನಿಕರು ಆಗ್ರಹಿಸಿದ್ದಾರೆ.

ಕ್ಕೆ ತೊಂದರೆ ಉಂಟು ಮಾಡುತ್ತಿರುವ ಸಂಬಂಧ ಲೋಕೋಪಯೋಗಿ ಇಲಾಖೆಯ ಅಧಿಕಾರಿಗಳು ಗಮನ ಹರಿಸಬೇಕು. ಘಟನೆಗಳು ಸಂಭವಿಸಿದರೆ ಅದಕ್ಕೆ ಯಾರು ಹೊಣೆ ಎಂದು ಸಾರ್ವಜನಿಕರು ಪ್ರಶ್ನಿಸಿದ್ದಾರೆ. ಪೊಲೀಸ್ ಇಲಾಖೆ ರೈತರಿಗೆ ತಿಳುವಳಿಕೆ ನೀಡಬೇಕು. ರೈತರು ಸಹ ಸಂಚಾರಕ್ಕೆ ತೊಂದರೆಯಾಗದಂತೆ ಭತ್ತ ಒಣಗಿಸಬೇಕು ಎಂದು ಮನವಿ ಮಾಡಿದ್ದಾರೆ. ರೈತರ ಕಣಗಳನ್ನು ನಿರ್ಮಿಸಿಕೊಡುವ ಕಾರ್ಯ ಸರ್ಕಾರ ಮಾಡಬೇಕು.
